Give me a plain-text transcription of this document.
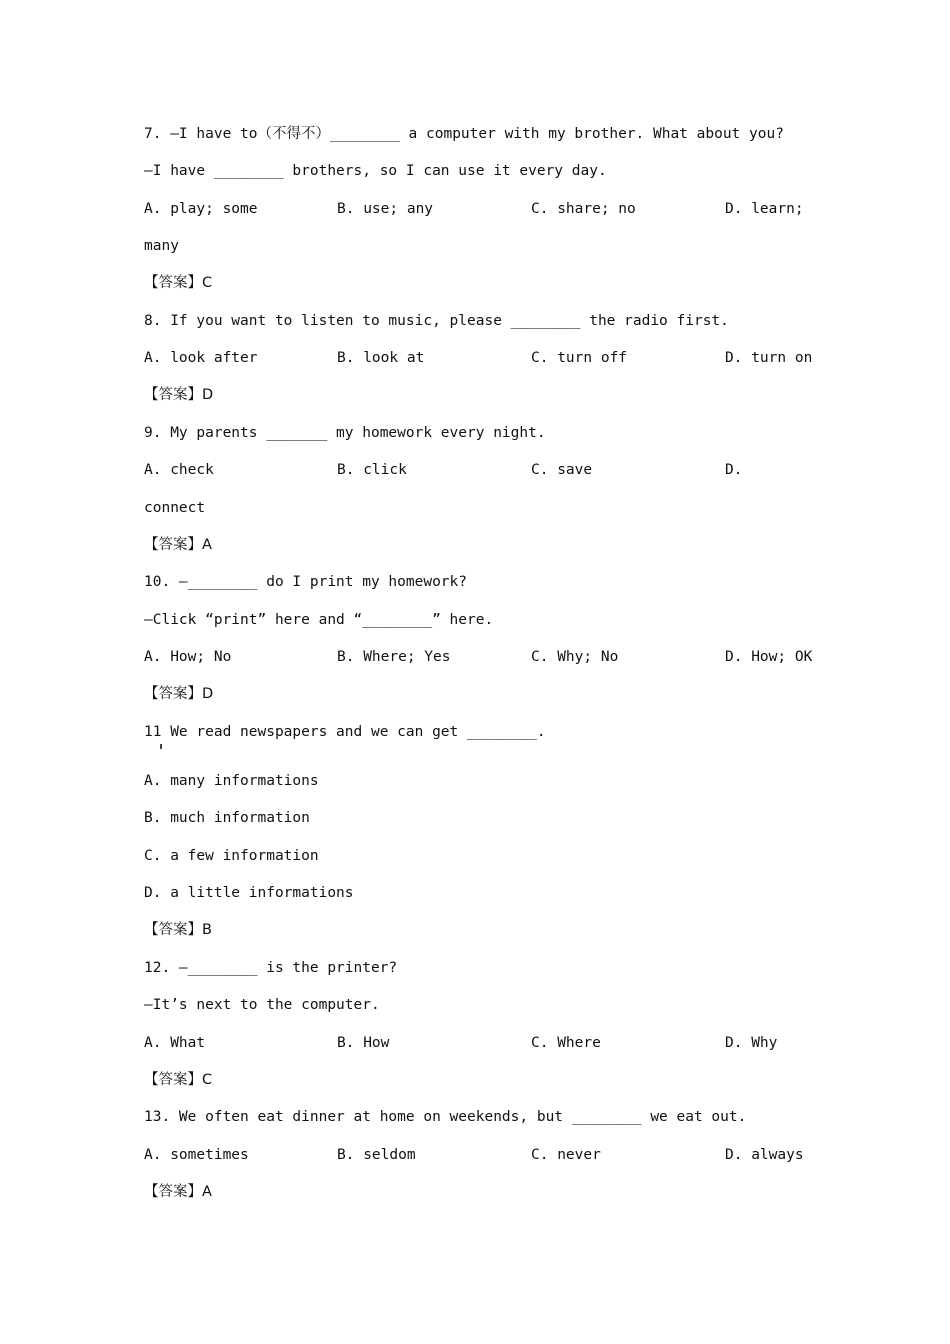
7. —I have to（不得不）________ a computer with my brother. What about you?
—I have ________ brothers, so I can use it every day.
A. play; some	B. use; any	C. share; no	D. learn;
many
【答案】C
8. If you want to listen to music, please ________ the radio first.
A. look after	B. look at	C. turn off	D. turn on
【答案】D
9. My parents _______ my homework every night.
A. check	B. click	C. save	D.
connect
【答案】A
10. —________ do I print my homework?
—Click “print” here and “________” here.
A. How; No	B. Where; Yes	C. Why; No	D. How; OK
【答案】D
11 We read newspapers and we can get ________.
A. many informations
B. much information
C. a few information
D. a little informations
【答案】B
12. —________ is the printer?
—It’s next to the computer.
A. What	B. How	C. Where	D. Why
【答案】C
13. We often eat dinner at home on weekends, but ________ we eat out.
A. sometimes	B. seldom	C. never	D. always
【答案】A
